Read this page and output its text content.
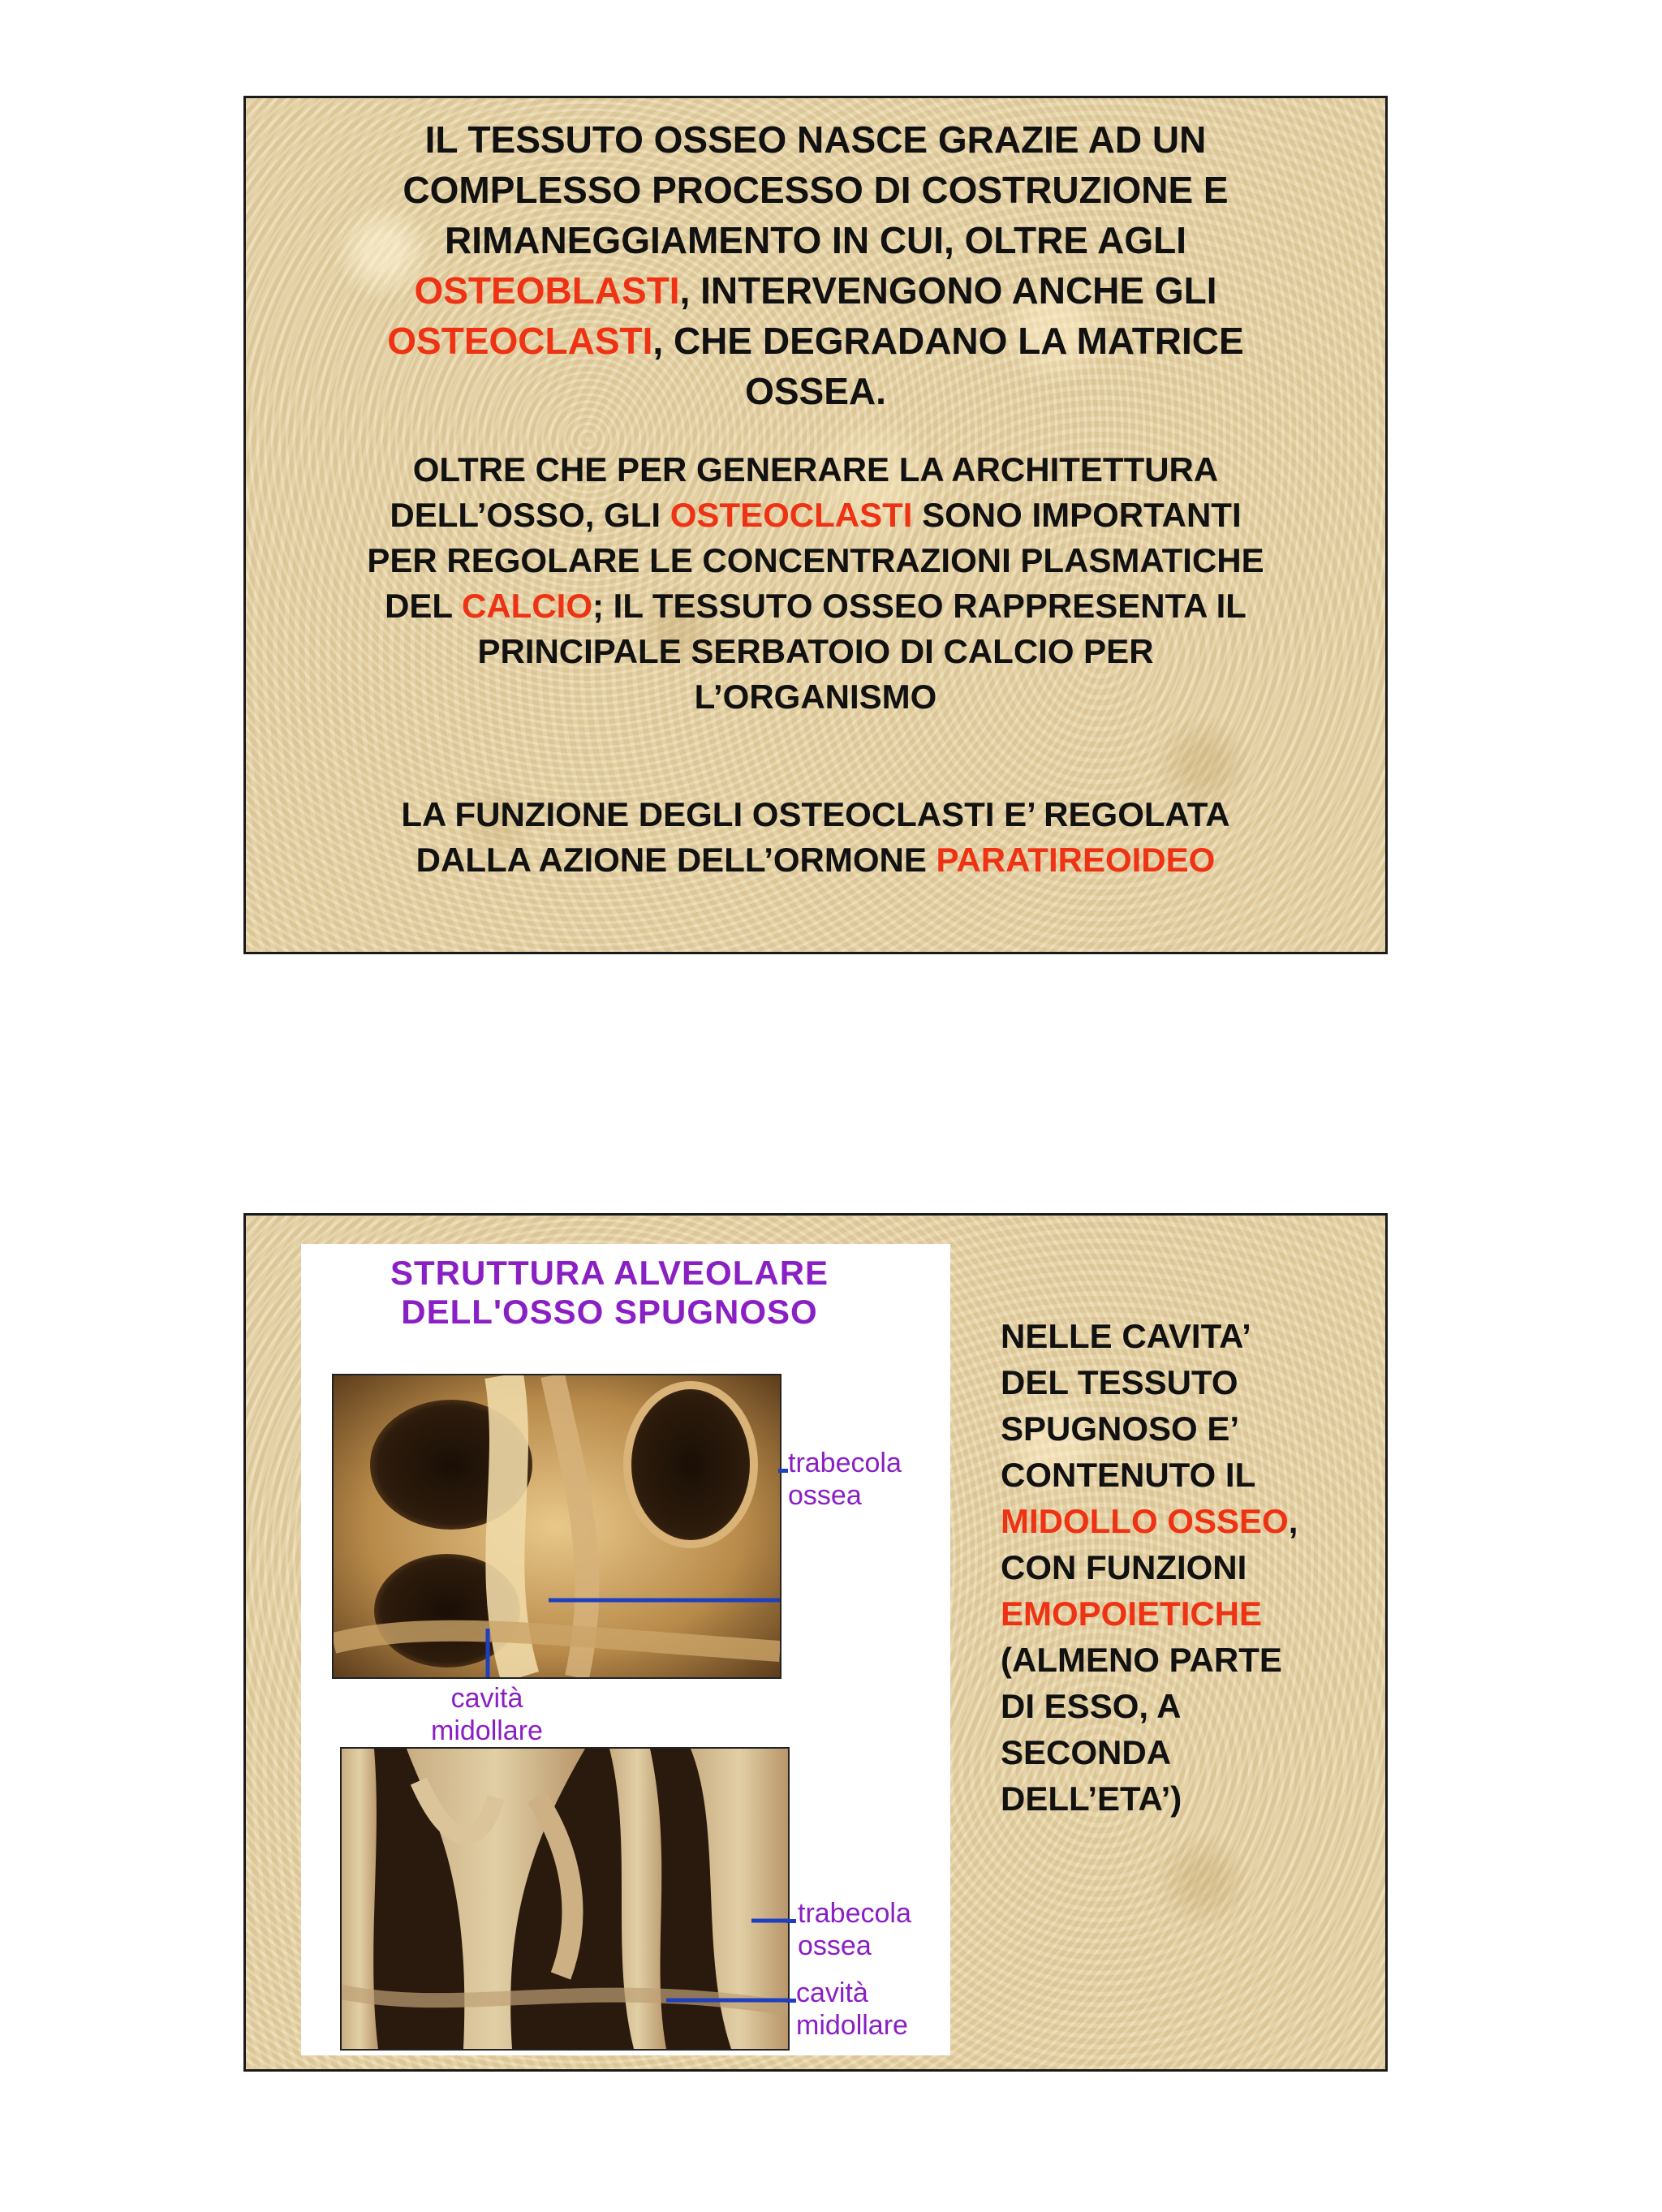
IL TESSUTO OSSEO NASCE GRAZIE AD UN
COMPLESSO PROCESSO DI COSTRUZIONE E
RIMANEGGIAMENTO IN CUI, OLTRE AGLI
OSTEOBLASTI, INTERVENGONO ANCHE GLI
OSTEOCLASTI, CHE DEGRADANO LA MATRICE
OSSEA.
OLTRE CHE PER GENERARE LA ARCHITETTURA
DELL’OSSO, GLI OSTEOCLASTI SONO IMPORTANTI
PER REGOLARE LE CONCENTRAZIONI PLASMATICHE
DEL CALCIO; IL TESSUTO OSSEO RAPPRESENTA IL
PRINCIPALE SERBATOIO DI CALCIO PER
L’ORGANISMO
LA FUNZIONE DEGLI OSTEOCLASTI E’ REGOLATA
DALLA AZIONE DELL’ORMONE PARATIREOIDEO
STRUTTURA ALVEOLARE
DELL'OSSO SPUGNOSO
trabecola
ossea
cavità
midollare
trabecola
ossea
cavità
midollare
NELLE CAVITA’
DEL TESSUTO
SPUGNOSO E’
CONTENUTO IL
MIDOLLO OSSEO,
CON FUNZIONI
EMOPOIETICHE
(ALMENO PARTE
DI ESSO, A
SECONDA
DELL’ETA’)
